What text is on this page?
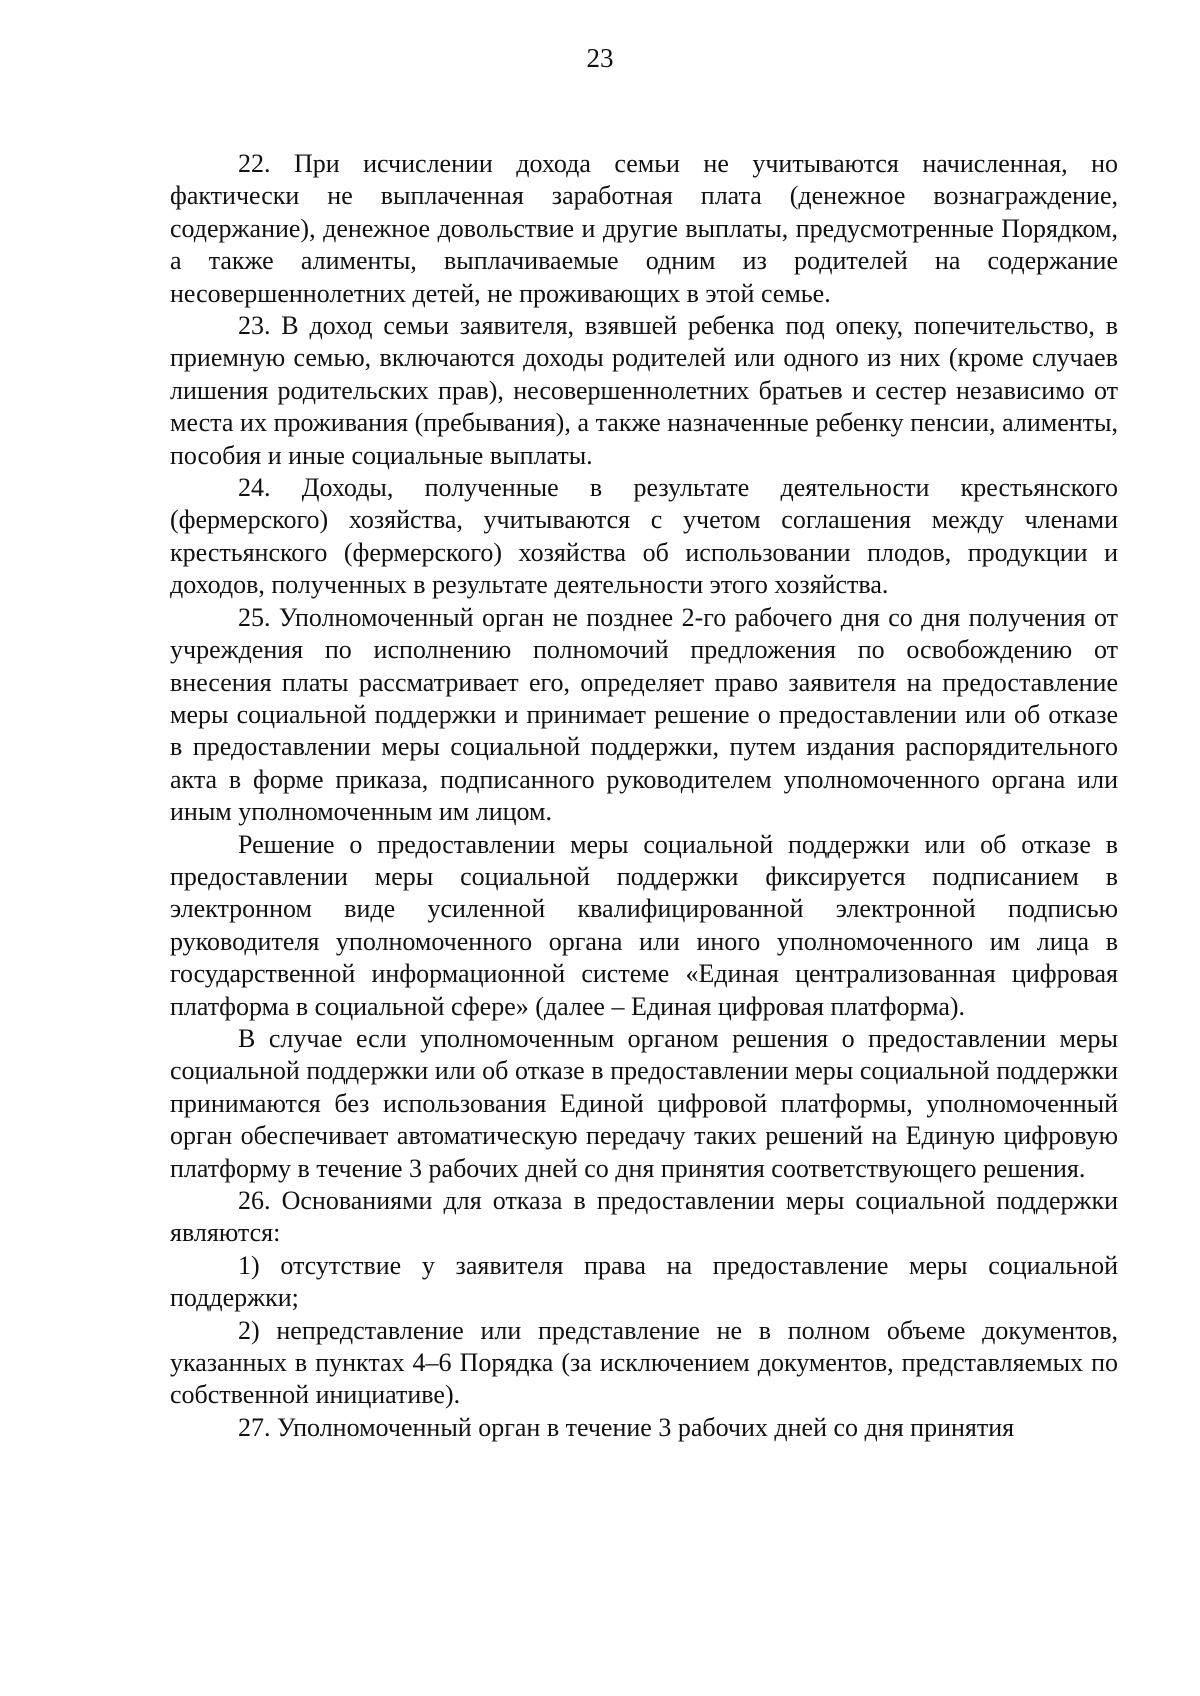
23

22. При исчислении дохода семьи не учитываются начисленная, но фактически не выплаченная заработная плата (денежное вознаграждение, содержание), денежное довольствие и другие выплаты, предусмотренные Порядком, а также алименты, выплачиваемые одним из родителей на содержание несовершеннолетних детей, не проживающих в этой семье.

23. В доход семьи заявителя, взявшей ребенка под опеку, попечительство, в приемную семью, включаются доходы родителей или одного из них (кроме случаев лишения родительских прав), несовершеннолетних братьев и сестер независимо от места их проживания (пребывания), а также назначенные ребенку пенсии, алименты, пособия и иные социальные выплаты.

24. Доходы, полученные в результате деятельности крестьянского (фермерского) хозяйства, учитываются с учетом соглашения между членами крестьянского (фермерского) хозяйства об использовании плодов, продукции и доходов, полученных в результате деятельности этого хозяйства.

25. Уполномоченный орган не позднее 2-го рабочего дня со дня получения от учреждения по исполнению полномочий предложения по освобождению от внесения платы рассматривает его, определяет право заявителя на предоставление меры социальной поддержки и принимает решение о предоставлении или об отказе в предоставлении меры социальной поддержки, путем издания распорядительного акта в форме приказа, подписанного руководителем уполномоченного органа или иным уполномоченным им лицом.

Решение о предоставлении меры социальной поддержки или об отказе в предоставлении меры социальной поддержки фиксируется подписанием в электронном виде усиленной квалифицированной электронной подписью руководителя уполномоченного органа или иного уполномоченного им лица в государственной информационной системе «Единая централизованная цифровая платформа в социальной сфере» (далее – Единая цифровая платформа).

В случае если уполномоченным органом решения о предоставлении меры социальной поддержки или об отказе в предоставлении меры социальной поддержки принимаются без использования Единой цифровой платформы, уполномоченный орган обеспечивает автоматическую передачу таких решений на Единую цифровую платформу в течение 3 рабочих дней со дня принятия соответствующего решения.

26. Основаниями для отказа в предоставлении меры социальной поддержки являются:

1) отсутствие у заявителя права на предоставление меры социальной поддержки;

2) непредставление или представление не в полном объеме документов, указанных в пунктах 4–6 Порядка (за исключением документов, представляемых по собственной инициативе).

27. Уполномоченный орган в течение 3 рабочих дней со дня принятия
